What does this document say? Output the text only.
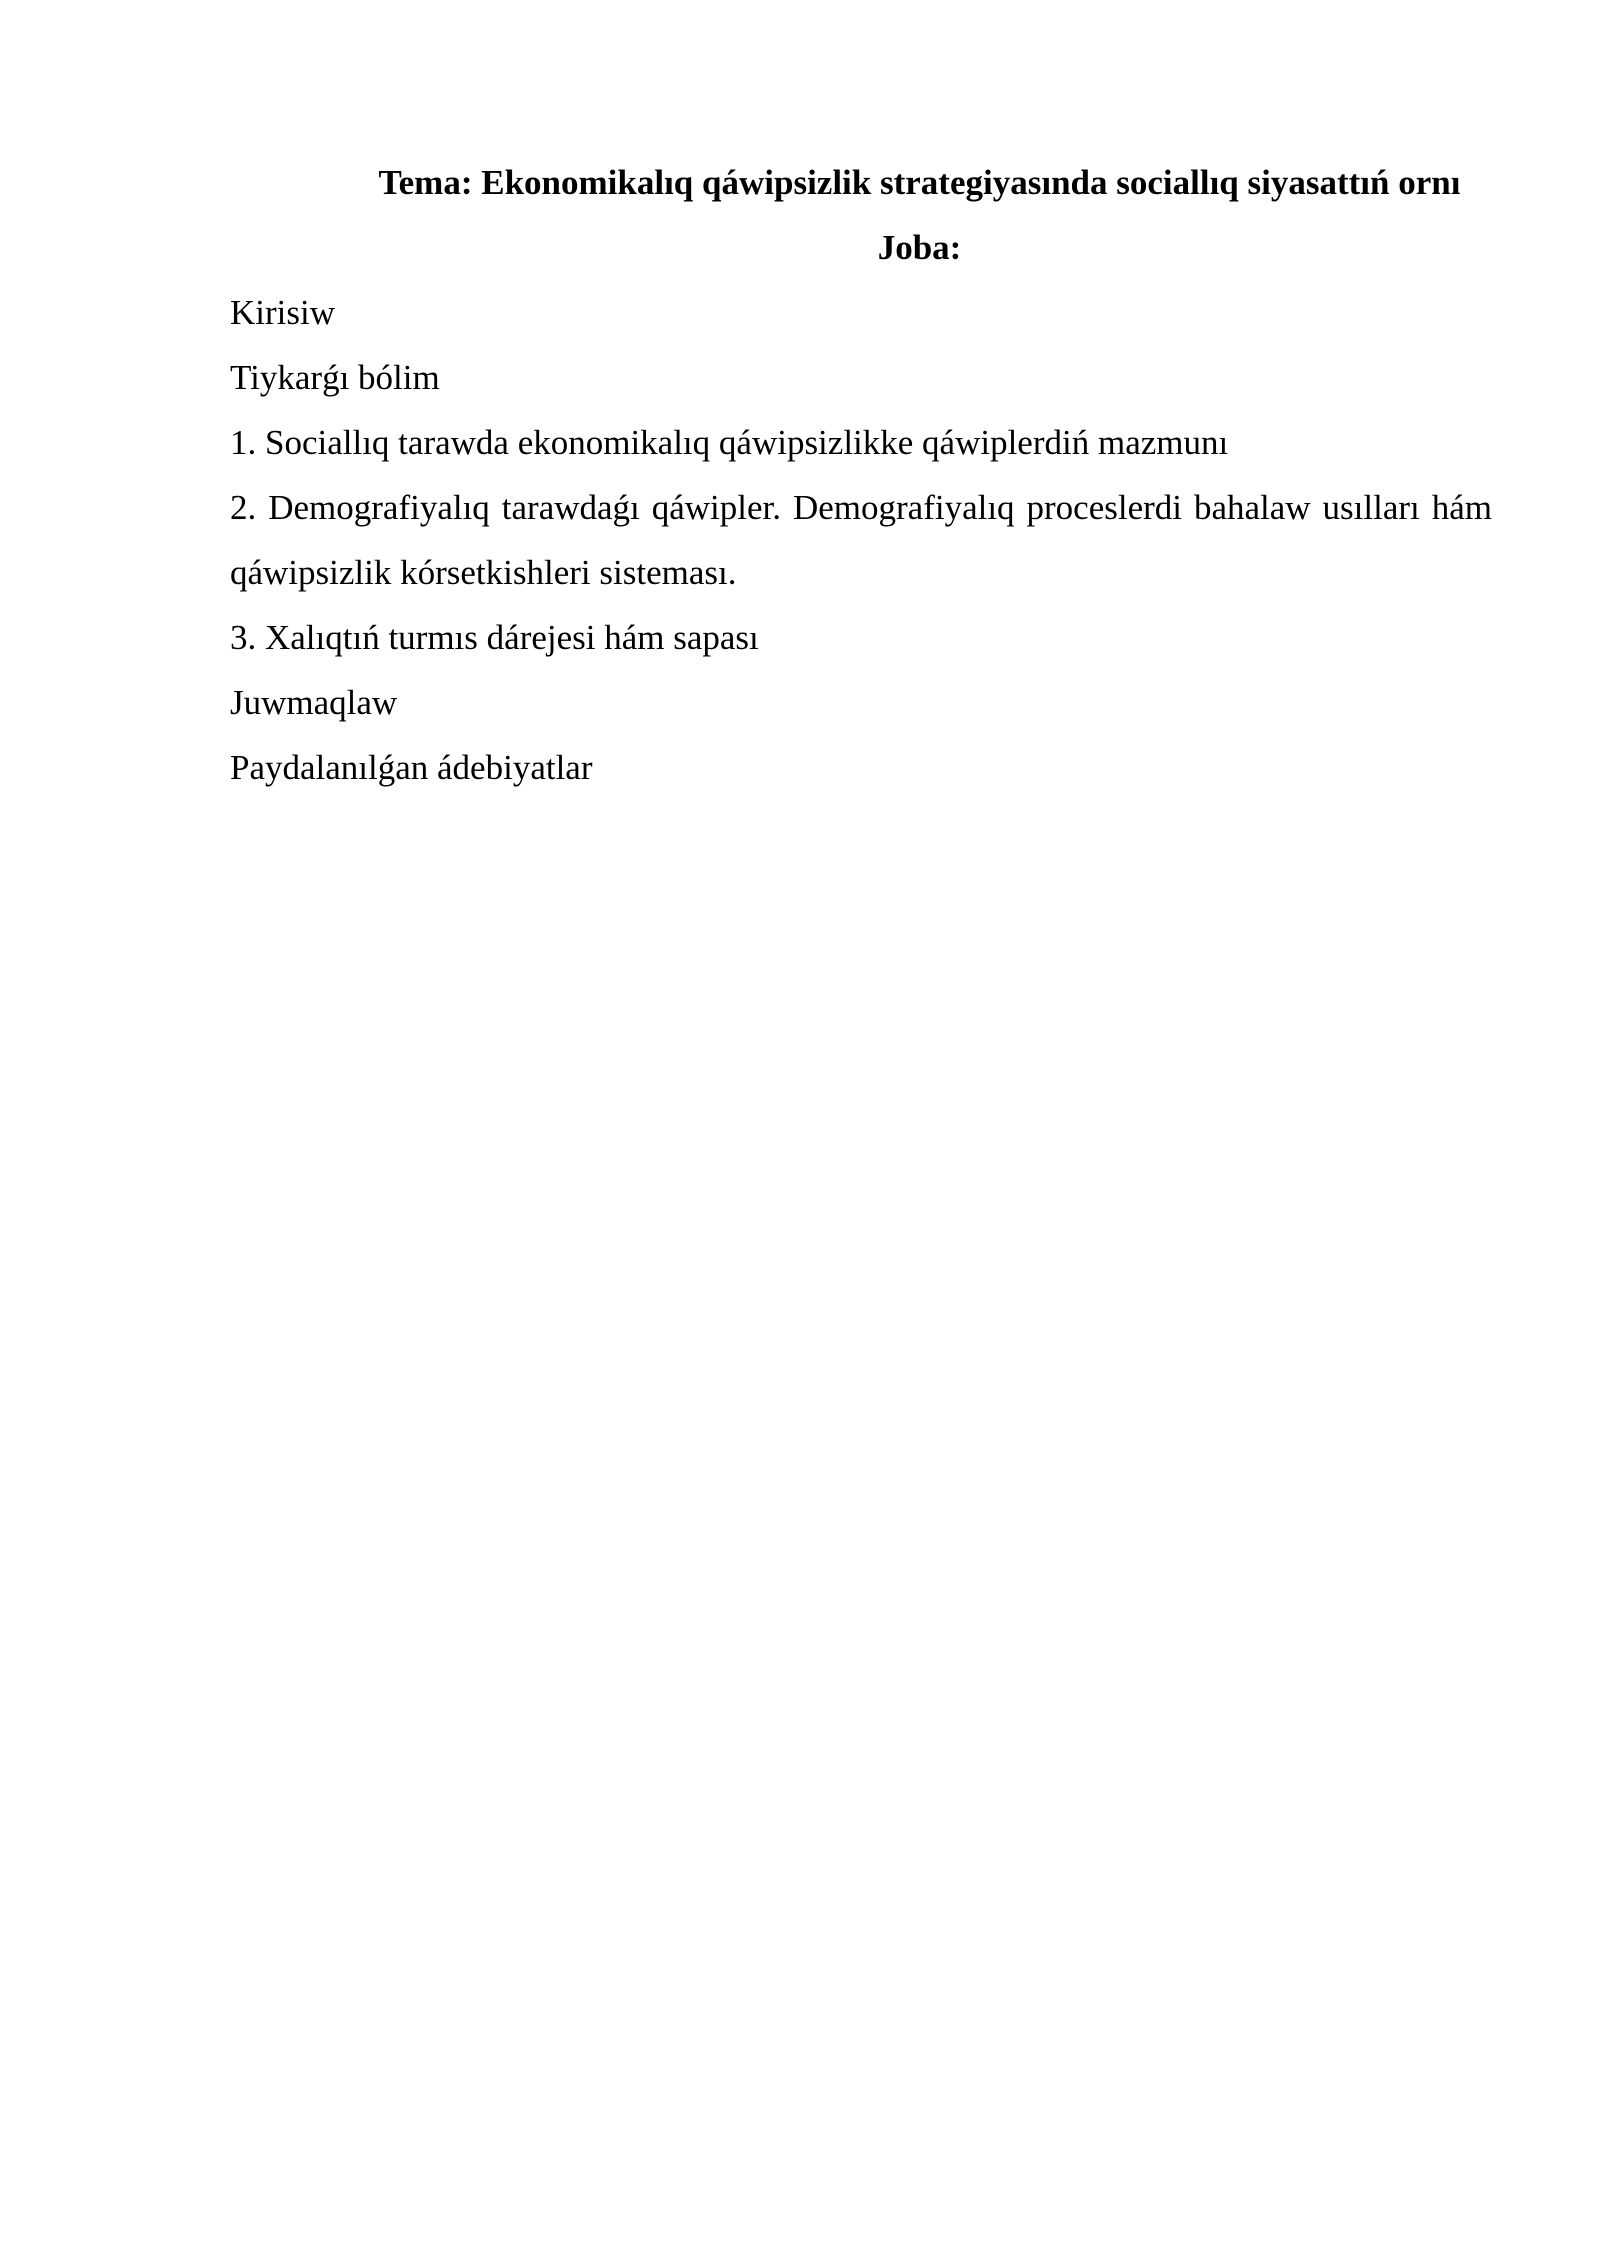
Tema: Ekonomikalıq qáwipsizlik strategiyasında sociallıq siyasattıń ornı

Joba:

Kirisiw

Tiykarǵı bólim

1. Sociallıq tarawda ekonomikalıq qáwipsizlikke qáwiplerdiń mazmunı

2. Demografiyalıq tarawdaǵı qáwipler. Demografiyalıq proceslerdi bahalaw usılları hám qáwipsizlik kórsetkishleri sisteması.

3. Xalıqtıń turmıs dárejesi hám sapası

Juwmaqlaw

Paydalanılǵan ádebiyatlar
